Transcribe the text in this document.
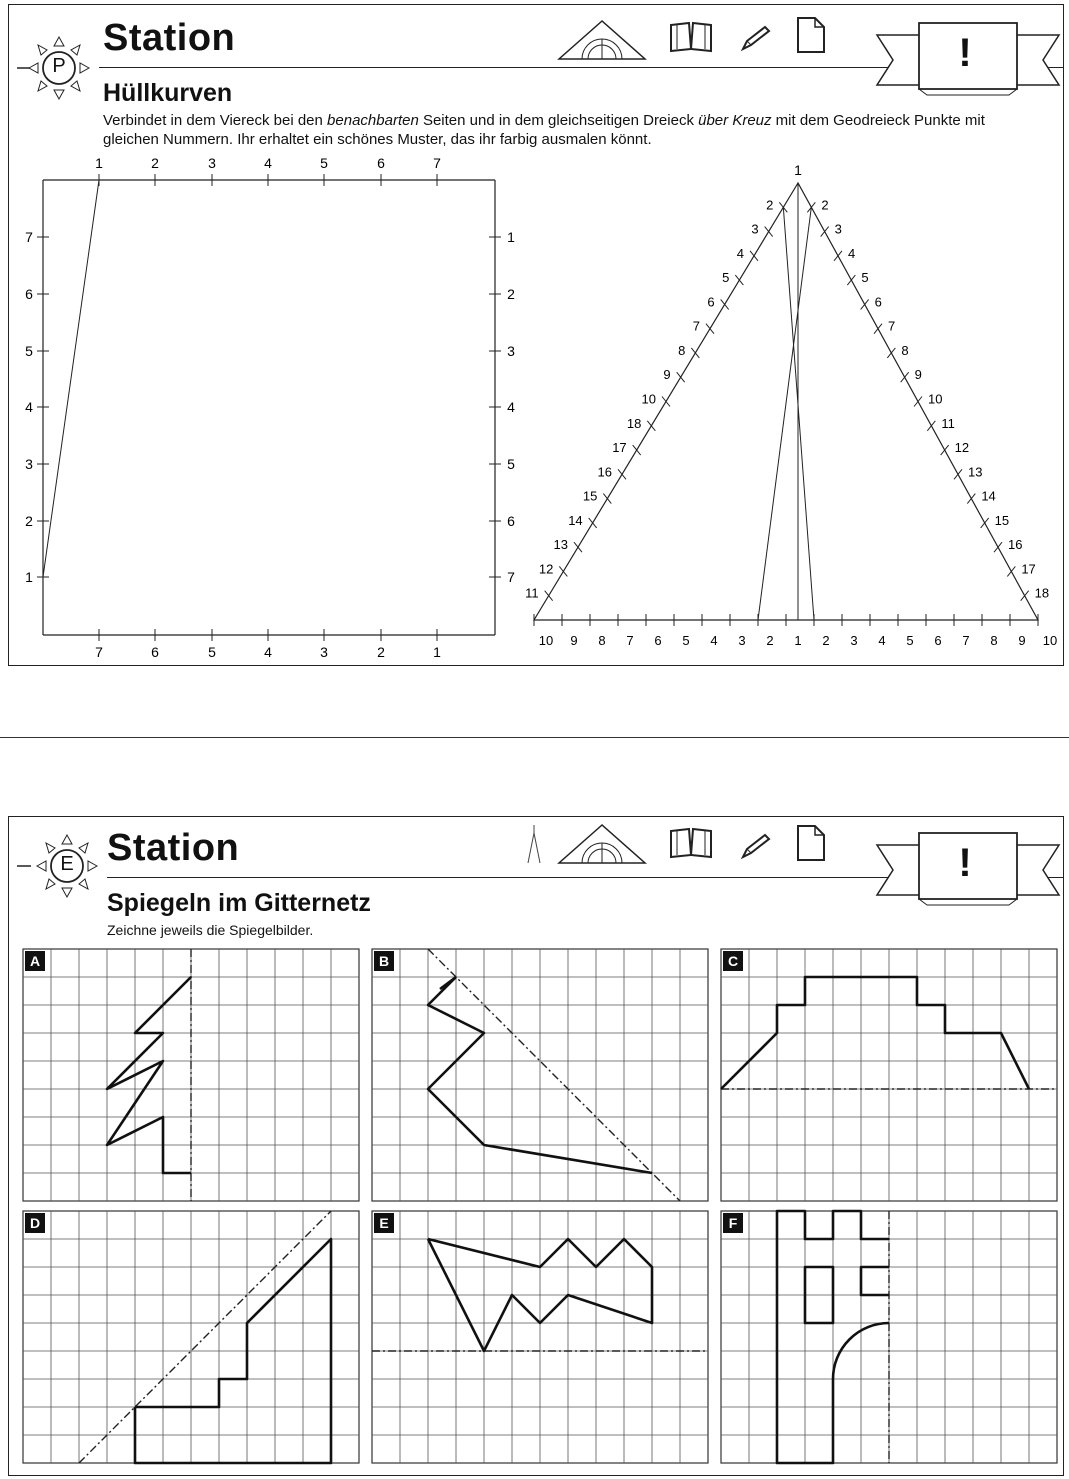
P
Station	!
Hüllkurven
Verbindet in dem Viereck bei den benachbarten Seiten und in dem gleichseitigen Dreieck über Kreuz mit dem Geodreieck Punkte mit gleichen Nummern. Ihr erhaltet ein schönes Muster, das ihr farbig ausmalen könnt.
1	2	3	4	5	6	7
7
6
5
4
3
2
1
1
2
3
4
5
6
7
7	6	5	4	3	2	1
1
2	2
3	3
4	4
5	5
6	6
7	7
8	8
9	9
10	10
18	11
17	12
16	13
15	14
14	15
13	16
12	17
11	18
10 9 8 7 6 5 4 3 2 1 2 3 4 5 6 7 8 9 10
E Station	!
Spiegeln im Gitternetz
Zeichne jeweils die Spiegelbilder.
A	B	C
D	E	F
